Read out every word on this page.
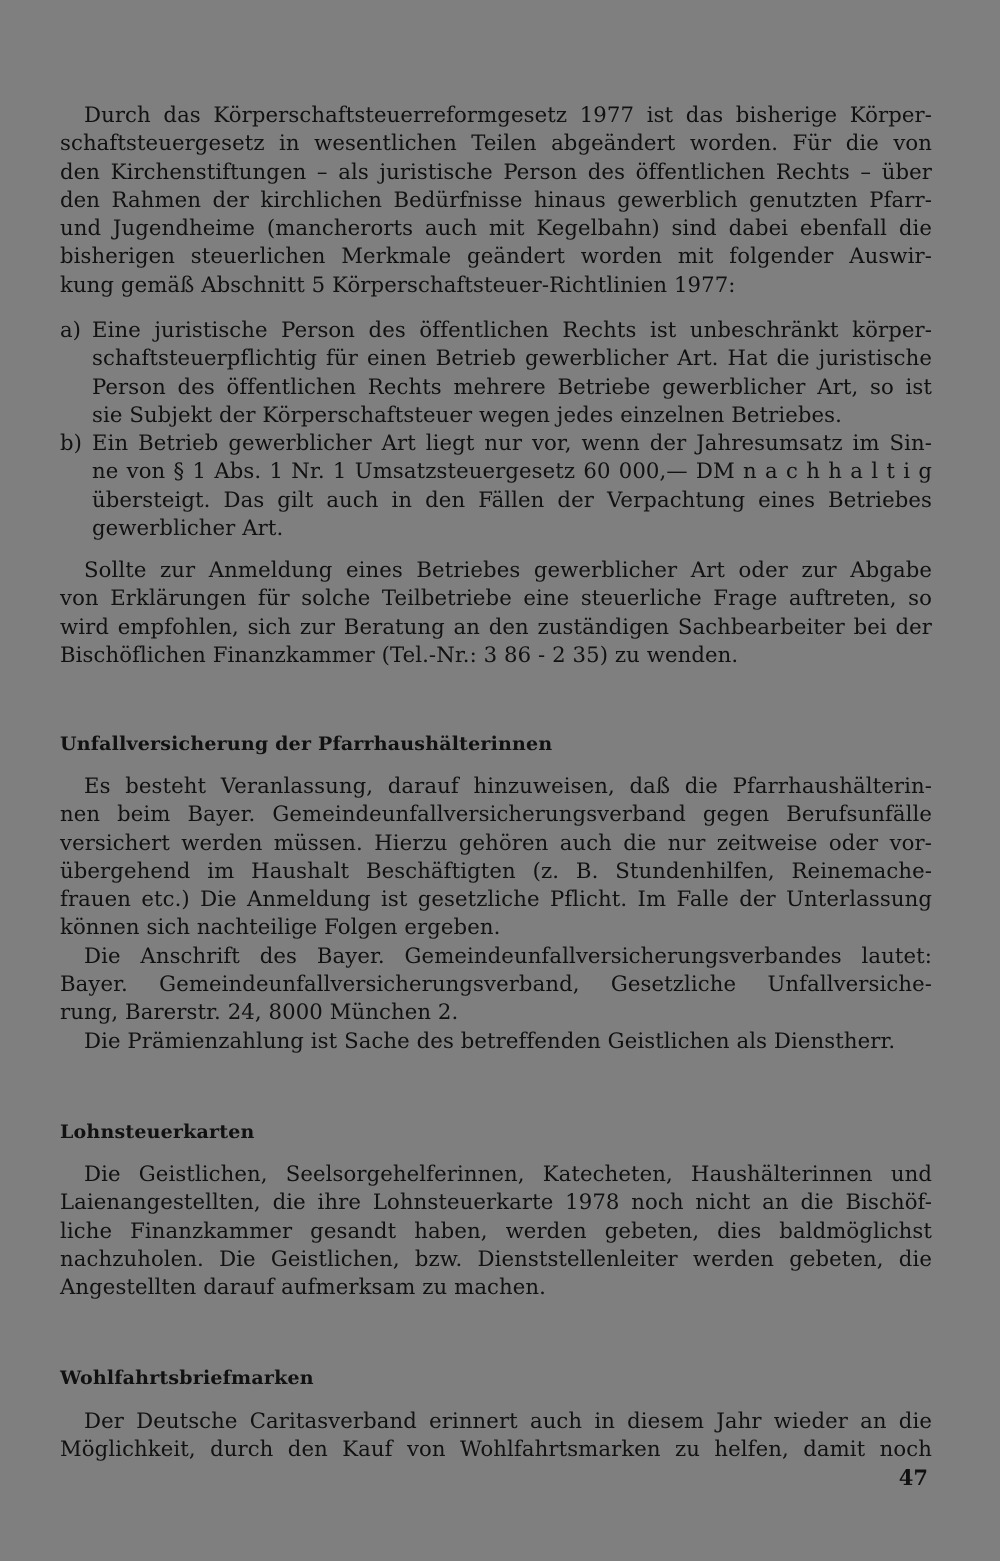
Durch das Körperschaftsteuerreformgesetz 1977 ist das bisherige Körper-
schaftsteuergesetz in wesentlichen Teilen abgeändert worden. Für die von
den Kirchenstiftungen – als juristische Person des öffentlichen Rechts – über
den Rahmen der kirchlichen Bedürfnisse hinaus gewerblich genutzten Pfarr-
und Jugendheime (mancherorts auch mit Kegelbahn) sind dabei ebenfall die
bisherigen steuerlichen Merkmale geändert worden mit folgender Auswir-
kung gemäß Abschnitt 5 Körperschaftsteuer-Richtlinien 1977:
a) Eine juristische Person des öffentlichen Rechts ist unbeschränkt körper-
schaftsteuerpflichtig für einen Betrieb gewerblicher Art. Hat die juristische
Person des öffentlichen Rechts mehrere Betriebe gewerblicher Art, so ist
sie Subjekt der Körperschaftsteuer wegen jedes einzelnen Betriebes.
b) Ein Betrieb gewerblicher Art liegt nur vor, wenn der Jahresumsatz im Sin-
ne von § 1 Abs. 1 Nr. 1 Umsatzsteuergesetz 60 000,— DM n a c h h a l t i g
übersteigt. Das gilt auch in den Fällen der Verpachtung eines Betriebes
gewerblicher Art.
Sollte zur Anmeldung eines Betriebes gewerblicher Art oder zur Abgabe
von Erklärungen für solche Teilbetriebe eine steuerliche Frage auftreten, so
wird empfohlen, sich zur Beratung an den zuständigen Sachbearbeiter bei der
Bischöflichen Finanzkammer (Tel.-Nr.: 3 86 - 2 35) zu wenden.
Unfallversicherung der Pfarrhaushälterinnen
Es besteht Veranlassung, darauf hinzuweisen, daß die Pfarrhaushälterin-
nen beim Bayer. Gemeindeunfallversicherungsverband gegen Berufsunfälle
versichert werden müssen. Hierzu gehören auch die nur zeitweise oder vor-
übergehend im Haushalt Beschäftigten (z. B. Stundenhilfen, Reinemache-
frauen etc.) Die Anmeldung ist gesetzliche Pflicht. Im Falle der Unterlassung
können sich nachteilige Folgen ergeben.
Die Anschrift des Bayer. Gemeindeunfallversicherungsverbandes lautet:
Bayer. Gemeindeunfallversicherungsverband, Gesetzliche Unfallversiche-
rung, Barerstr. 24, 8000 München 2.
Die Prämienzahlung ist Sache des betreffenden Geistlichen als Dienstherr.
Lohnsteuerkarten
Die Geistlichen, Seelsorgehelferinnen, Katecheten, Haushälterinnen und
Laienangestellten, die ihre Lohnsteuerkarte 1978 noch nicht an die Bischöf-
liche Finanzkammer gesandt haben, werden gebeten, dies baldmöglichst
nachzuholen. Die Geistlichen, bzw. Dienststellenleiter werden gebeten, die
Angestellten darauf aufmerksam zu machen.
Wohlfahrtsbriefmarken
Der Deutsche Caritasverband erinnert auch in diesem Jahr wieder an die
Möglichkeit, durch den Kauf von Wohlfahrtsmarken zu helfen, damit noch
47
